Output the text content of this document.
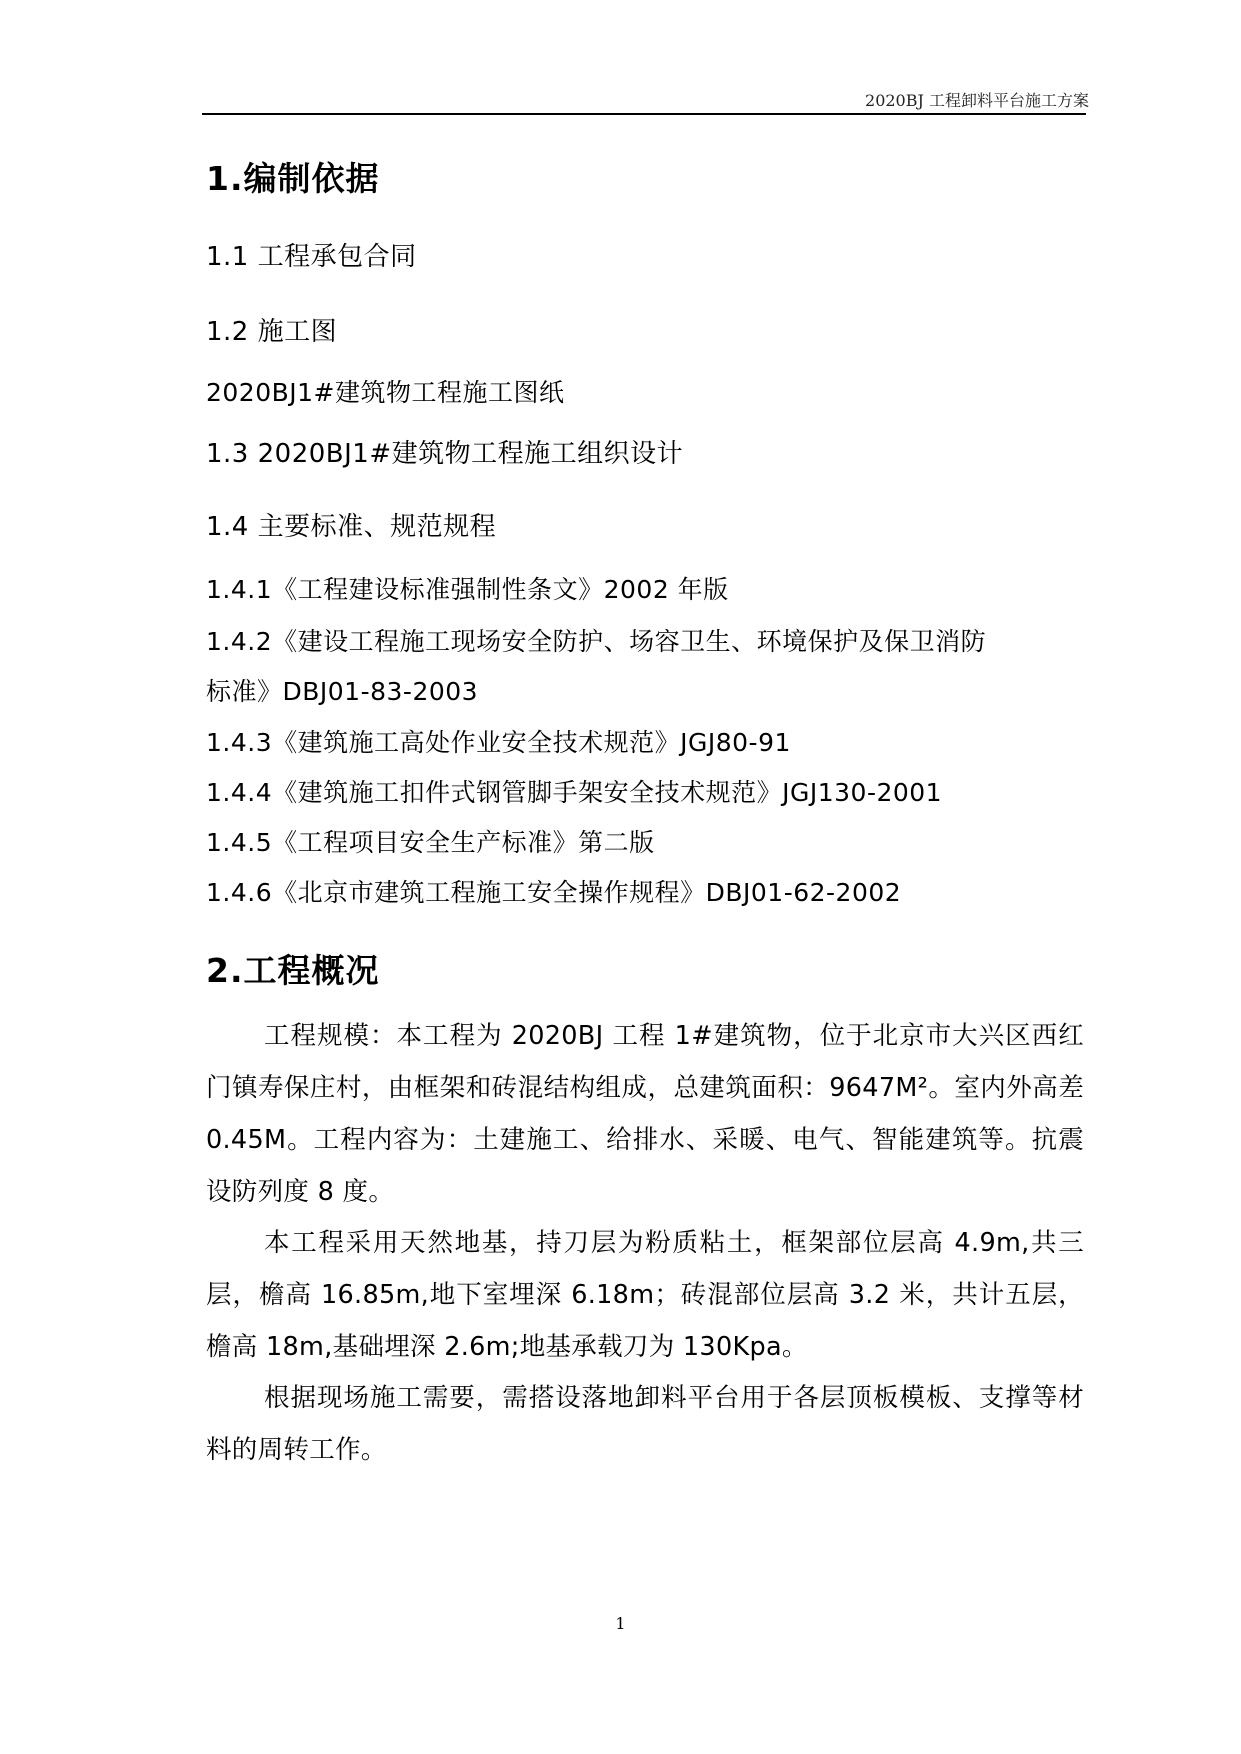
2020BJ 工程卸料平台施工方案
1.编制依据
1.1 工程承包合同
1.2 施工图
2020BJ1#建筑物工程施工图纸
1.3 2020BJ1#建筑物工程施工组织设计
1.4 主要标准、规范规程
1.4.1《工程建设标准强制性条文》2002 年版
1.4.2《建设工程施工现场安全防护、场容卫生、环境保护及保卫消防
标准》DBJ01-83-2003
1.4.3《建筑施工高处作业安全技术规范》JGJ80-91
1.4.4《建筑施工扣件式钢管脚手架安全技术规范》JGJ130-2001
1.4.5《工程项目安全生产标准》第二版
1.4.6《北京市建筑工程施工安全操作规程》DBJ01-62-2002
2.工程概况
工程规模：本工程为 2020BJ 工程 1#建筑物，位于北京市大兴区西红门镇寿保庄村，由框架和砖混结构组成，总建筑面积：9647M²。室内外高差 0.45M。工程内容为：土建施工、给排水、采暖、电气、智能建筑等。抗震设防列度 8 度。
本工程采用天然地基，持刀层为粉质粘土，框架部位层高 4.9m,共三层，檐高 16.85m,地下室埋深 6.18m；砖混部位层高 3.2 米，共计五层，檐高 18m,基础埋深 2.6m;地基承载刀为 130Kpa。
根据现场施工需要，需搭设落地卸料平台用于各层顶板模板、支撑等材料的周转工作。
1
